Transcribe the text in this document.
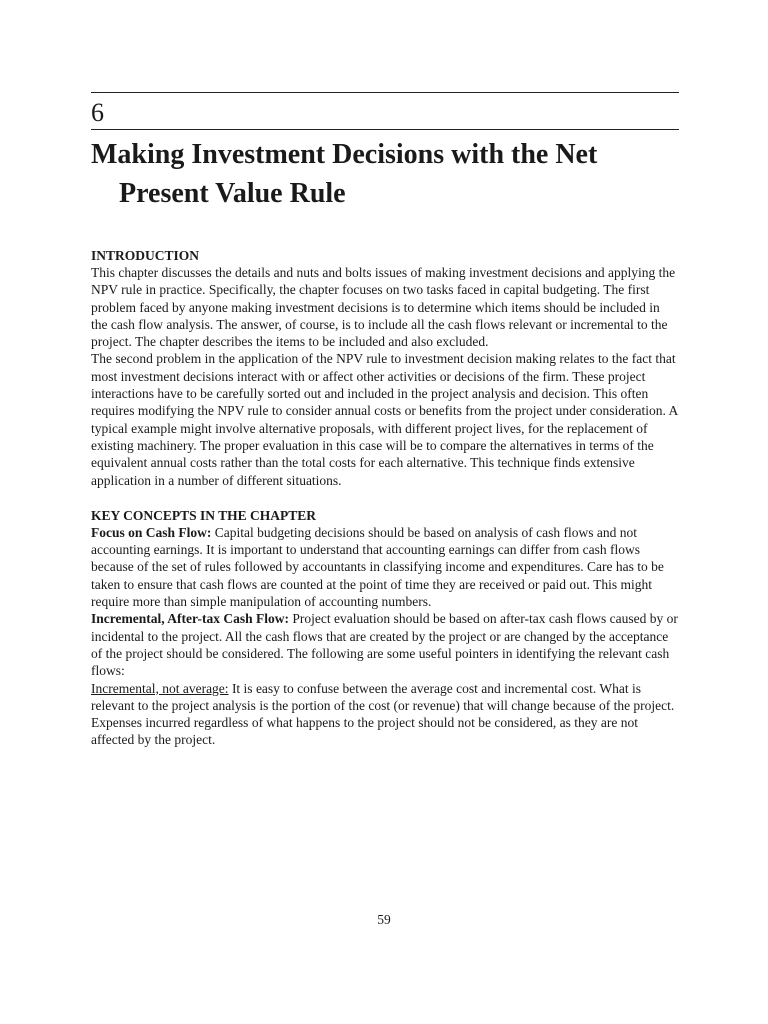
6
Making Investment Decisions with the Net Present Value Rule
INTRODUCTION

This chapter discusses the details and nuts and bolts issues of making investment decisions and applying the NPV rule in practice. Specifically, the chapter focuses on two tasks faced in capital budgeting. The first problem faced by anyone making investment decisions is to determine which items should be included in the cash flow analysis. The answer, of course, is to include all the cash flows relevant or incremental to the project. The chapter describes the items to be included and also excluded.

The second problem in the application of the NPV rule to investment decision making relates to the fact that most investment decisions interact with or affect other activities or decisions of the firm. These project interactions have to be carefully sorted out and included in the project analysis and decision. This often requires modifying the NPV rule to consider annual costs or benefits from the project under consideration. A typical example might involve alternative proposals, with different project lives, for the replacement of existing machinery. The proper evaluation in this case will be to compare the alternatives in terms of the equivalent annual costs rather than the total costs for each alternative. This technique finds extensive application in a number of different situations.

KEY CONCEPTS IN THE CHAPTER

Focus on Cash Flow: Capital budgeting decisions should be based on analysis of cash flows and not accounting earnings. It is important to understand that accounting earnings can differ from cash flows because of the set of rules followed by accountants in classifying income and expenditures. Care has to be taken to ensure that cash flows are counted at the point of time they are received or paid out. This might require more than simple manipulation of accounting numbers.

Incremental, After-tax Cash Flow: Project evaluation should be based on after-tax cash flows caused by or incidental to the project. All the cash flows that are created by the project or are changed by the acceptance of the project should be considered. The following are some useful pointers in identifying the relevant cash flows:

Incremental, not average: It is easy to confuse between the average cost and incremental cost. What is relevant to the project analysis is the portion of the cost (or revenue) that will change because of the project. Expenses incurred regardless of what happens to the project should not be considered, as they are not affected by the project.

59
